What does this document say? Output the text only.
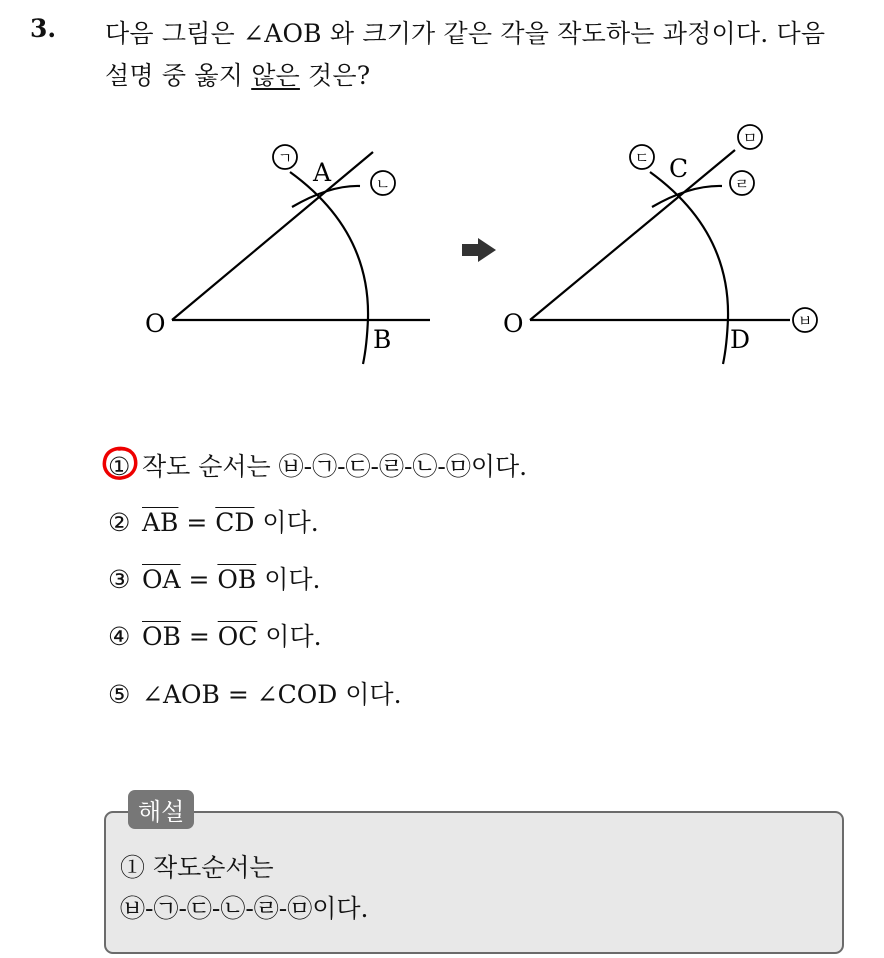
3. 다음 그림은 ∠AOB 와 크기가 같은 각을 작도하는 과정이다. 다음
설명 중 옳지 않은 것은?
O
A
B
O
C
D
ㄱ
ㄴ
ㄷ
ㄹ
ㅁ
ㅂ
① 작도 순서는 ㉥-㉠-㉢-㉣-㉡-㉤이다.
② $\overline{AB} = \overline{CD}$ 이다.
③ $\overline{OA} = \overline{OB}$ 이다.
④ $\overline{OB} = \overline{OC}$ 이다.
⑤ ∠AOB = ∠COD 이다.
해설
① 작도순서는
㉥-㉠-㉢-㉡-㉣-㉤이다.
